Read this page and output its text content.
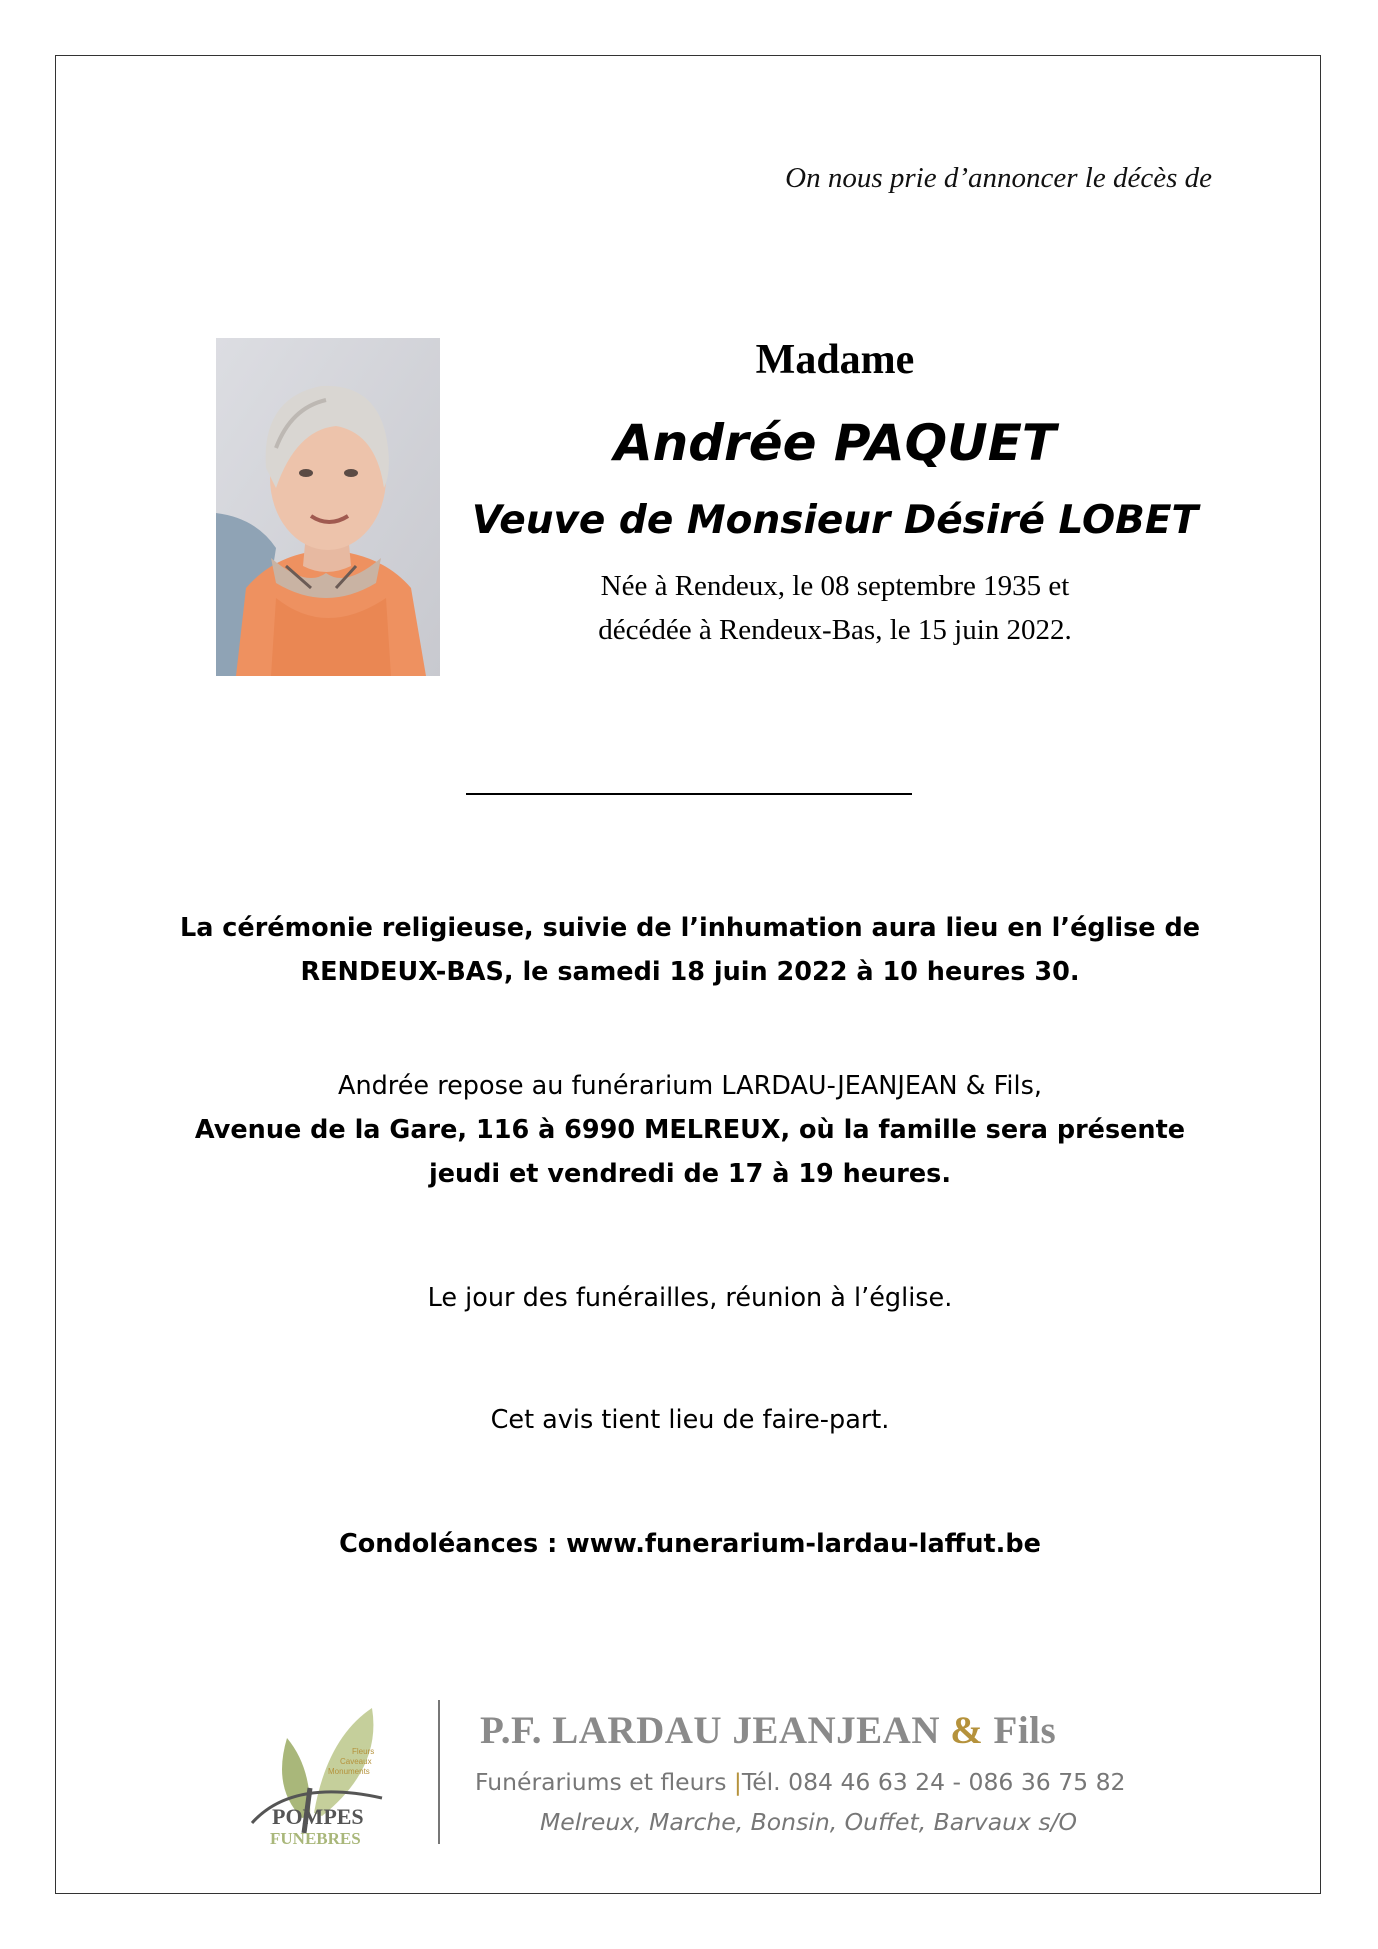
On nous prie d’annoncer le décès de
Madame
Andrée PAQUET
Veuve de Monsieur Désiré LOBET
Née à Rendeux, le 08 septembre 1935 et
décédée à Rendeux-Bas, le 15 juin 2022.
La cérémonie religieuse, suivie de l’inhumation aura lieu en l’église de
RENDEUX-BAS, le samedi 18 juin 2022 à 10 heures 30.
Andrée repose au funérarium LARDAU-JEANJEAN & Fils,
Avenue de la Gare, 116 à 6990 MELREUX, où la famille sera présente
jeudi et vendredi de 17 à 19 heures.
Le jour des funérailles, réunion à l’église.
Cet avis tient lieu de faire-part.
Condoléances : www.funerarium-lardau-laffut.be
Fleurs
Caveaux
Monuments
POMPES
FUNEBRES
P.F. LARDAU JEANJEAN & Fils
Funérariums et fleurs |Tél. 084 46 63 24 - 086 36 75 82
Melreux, Marche, Bonsin, Ouffet, Barvaux s/O
